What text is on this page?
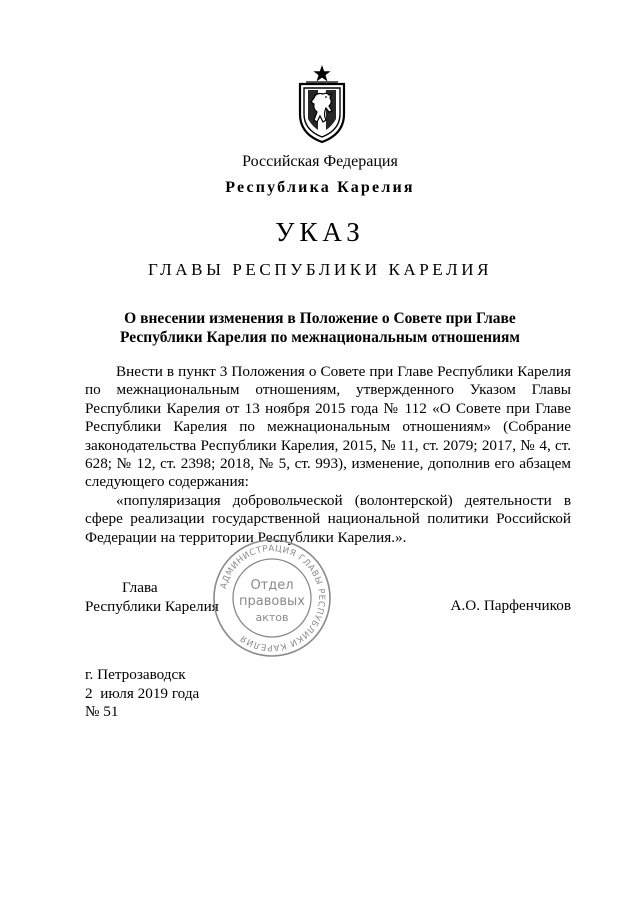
Российская Федерация
Республика Карелия
УКАЗ
ГЛАВЫ РЕСПУБЛИКИ КАРЕЛИЯ
О внесении изменения в Положение о Совете при Главе
Республики Карелия по межнациональным отношениям

Внести в пункт 3 Положения о Совете при Главе Республики Карелия по межнациональным отношениям, утвержденного Указом Главы Республики Карелия от 13 ноября 2015 года № 112 «О Совете при Главе Республики Карелия по межнациональным отношениям» (Собрание законодательства Республики Карелия, 2015, № 11, ст. 2079; 2017, № 4, ст. 628; № 12, ст. 2398; 2018, № 5, ст. 993), изменение, дополнив его абзацем следующего содержания:

«популяризация добровольческой (волонтерской) деятельности в сфере реализации государственной национальной политики Российской Федерации на территории Республики Карелия.».

Глава
Республики Карелия
АДМИНИСТРАЦИЯ ГЛАВЫ РЕСПУБЛИКИ КАРЕЛИЯ
Отдел
правовых
актов
А.О. Парфенчиков
г. Петрозаводск
2  июля 2019 года
№ 51
